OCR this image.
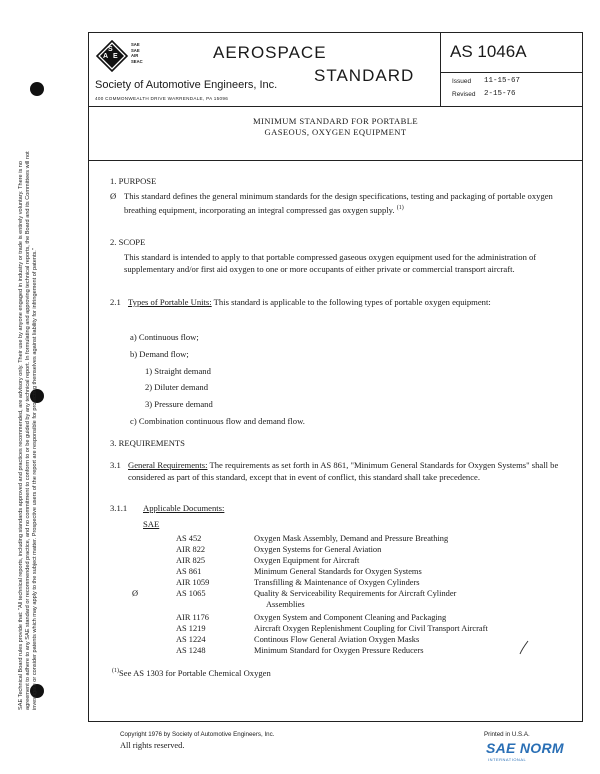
SAE Technical Board rules provide that: "All technical reports, including standards approved and practices recommended, are advisory only. Their use by anyone engaged in industry or trade is entirely voluntary. There is no agreement to adhere to any SAE standard or recommended practice, and no commitment to conform to or be guided by any technical report. In formulating and approving technical reports, the Board and its Committees will not investigate or consider patents which may apply to the subject matter. Prospective users of the report are responsible for protecting themselves against liability for infringement of patents."
S
A E
SAE
SAE
AIR
SEAC	AEROSPACE
STANDARD
Society of Automotive Engineers, Inc.
400 COMMONWEALTH DRIVE WARRENDALE, PA 15096
AS 1046A
Issued 11-15-67
Revised 2-15-76
MINIMUM STANDARD FOR PORTABLE
GASEOUS, OXYGEN EQUIPMENT
1. PURPOSE
Ø This standard defines the general minimum standards for the design specifications, testing and packaging of portable oxygen breathing equipment, incorporating an integral compressed gas oxygen supply. $^{(1)}$
2. SCOPE
This standard is intended to apply to that portable compressed gaseous oxygen equipment used for the administration of supplementary and/or first aid oxygen to one or more occupants of either private or commercial transport aircraft.
2.1 Types of Portable Units: This standard is applicable to the following types of portable oxygen equipment:
a) Continuous flow;
b) Demand flow;
1) Straight demand
2) Diluter demand
3) Pressure demand
c) Combination continuous flow and demand flow.
3. REQUIREMENTS
3.1 General Requirements: The requirements as set forth in AS 861, "Minimum General Standards for Oxygen Systems" shall be considered as part of this standard, except that in event of conflict, this standard shall take precedence.
3.1.1 Applicable Documents:
SAE
AS 452	Oxygen Mask Assembly, Demand and Pressure Breathing
AIR 822	Oxygen Systems for General Aviation
AIR 825	Oxygen Equipment for Aircraft
AS 861	Minimum General Standards for Oxygen Systems
AIR 1059	Transfilling & Maintenance of Oxygen Cylinders
Ø	AS 1065	Quality & Serviceability Requirements for Aircraft Cylinder
Assemblies
AIR 1176	Oxygen System and Component Cleaning and Packaging
AS 1219	Aircraft Oxygen Replenishment Coupling for Civil Transport Aircraft
AS 1224	Continous Flow General Aviation Oxygen Masks
AS 1248	Minimum Standard for Oxygen Pressure Reducers
$^{(1)}$See AS 1303 for Portable Chemical Oxygen
Copyright 1976 by Society of Automotive Engineers, Inc.
All rights reserved.
Printed in U.S.A.
SAE NORM
INTERNATIONAL
